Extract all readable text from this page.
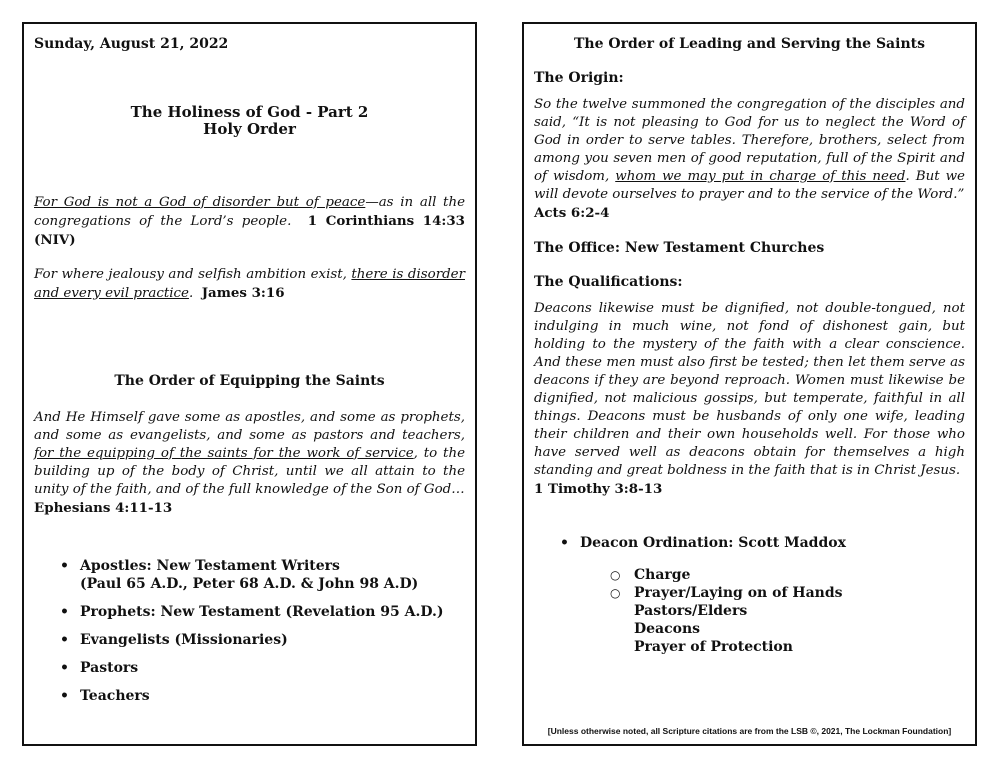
Sunday, August 21, 2022
The Holiness of God - Part 2
Holy Order
For God is not a God of disorder but of peace—as in all the congregations of the Lord’s people. 1 Corinthians 14:33 (NIV)
For where jealousy and selfish ambition exist, there is disorder and every evil practice. James 3:16
The Order of Equipping the Saints
And He Himself gave some as apostles, and some as prophets, and some as evangelists, and some as pastors and teachers, for the equipping of the saints for the work of service, to the building up of the body of Christ, until we all attain to the unity of the faith, and of the full knowledge of the Son of God…
Ephesians 4:11-13
• Apostles: New Testament Writers
(Paul 65 A.D., Peter 68 A.D. & John 98 A.D)
• Prophets: New Testament (Revelation 95 A.D.)
• Evangelists (Missionaries)
• Pastors
• Teachers
The Order of Leading and Serving the Saints
The Origin:
So the twelve summoned the congregation of the disciples and said, “It is not pleasing to God for us to neglect the Word of God in order to serve tables. Therefore, brothers, select from among you seven men of good reputation, full of the Spirit and of wisdom, whom we may put in charge of this need. But we will devote ourselves to prayer and to the service of the Word.”
Acts 6:2-4
The Office: New Testament Churches
The Qualifications:
Deacons likewise must be dignified, not double-tongued, not indulging in much wine, not fond of dishonest gain, but holding to the mystery of the faith with a clear conscience. And these men must also first be tested; then let them serve as deacons if they are beyond reproach. Women must likewise be dignified, not malicious gossips, but temperate, faithful in all things. Deacons must be husbands of only one wife, leading their children and their own households well. For those who have served well as deacons obtain for themselves a high standing and great boldness in the faith that is in Christ Jesus.
1 Timothy 3:8-13
• Deacon Ordination: Scott Maddox
○ Charge
○ Prayer/Laying on of Hands
Pastors/Elders
Deacons
Prayer of Protection
[Unless otherwise noted, all Scripture citations are from the LSB ©, 2021, The Lockman Foundation]
